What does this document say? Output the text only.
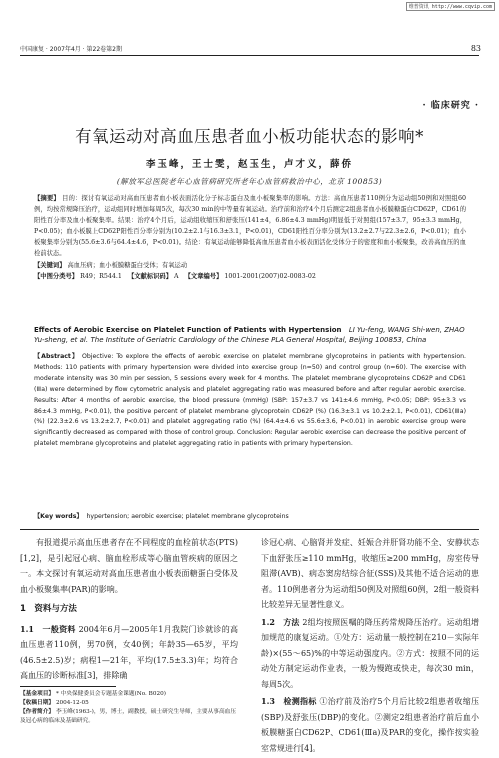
维普资讯 http://www.cqvip.com
中国康复 · 2007年4月 · 第22卷第2期	83
· 临床研究 ·
有氧运动对高血压患者血小板功能状态的影响*
李玉峰，王士雯，赵玉生，卢才义，薛侨
(解放军总医院老年心血管病研究所老年心血管病救治中心，北京 100853)
【摘要】 目的：探讨有氧运动对高血压患者血小板表面活化分子标志蛋白及血小板聚集率的影响。方法：高血压患者110例分为运动组50例和对照组60例，均按常规降压治疗，运动组同时增加每周5次，每次30 min的中等量有氧运动。治疗前和治疗4个月后测定2组患者血小板膜糖蛋白CD62P，CD61的阳性百分率及血小板聚集率。结果：治疗4个月后，运动组收缩压和舒张压(141±4，6.86±4.3 mmHg)明显低于对照组(157±3.7，95±3.3 mmHg，P<0.05)；血小板膜上CD62P阳性百分率分别为(10.2±2.1与16.3±3.1，P<0.01)，CD61阳性百分率分别为(13.2±2.7与22.3±2.6，P<0.01)；血小板聚集率分别为(55.6±3.6与64.4±4.6，P<0.01)。结论：有氧运动能够降低高血压患者血小板表面活化受体分子的密度和血小板聚集，改善高血压的血栓前状态。
【关键词】 高血压病；血小板膜糖蛋白受体；有氧运动
【中图分类号】 R49；R544.1 【文献标识码】 A 【文章编号】 1001-2001(2007)02-0083-02
Effects of Aerobic Exercise on Platelet Function of Patients with Hypertension LI Yu-feng, WANG Shi-wen, ZHAO Yu-sheng, et al. The Institute of Geriatric Cardiology of the Chinese PLA General Hospital, Beijing 100853, China
【Abstract】 Objective: To explore the effects of aerobic exercise on platelet membrane glycoproteins in patients with hypertension. Methods: 110 patients with primary hypertension were divided into exercise group (n=50) and control group (n=60). The exercise with moderate intensity was 30 min per session, 5 sessions every week for 4 months. The platelet membrane glycoproteins CD62P and CD61 (Ⅲa) were determined by flow cytometric analysis and platelet aggregating ratio was measured before and after regular aerobic exercise. Results: After 4 months of aerobic exercise, the blood pressure (mmHg) (SBP: 157±3.7 vs 141±4.6 mmHg, P<0.05; DBP: 95±3.3 vs 86±4.3 mmHg, P<0.01), the positive percent of platelet membrane glycoprotein CD62P (%) (16.3±3.1 vs 10.2±2.1, P<0.01), CD61(Ⅲa) (%) (22.3±2.6 vs 13.2±2.7, P<0.01) and platelet aggregating ratio (%) (64.4±4.6 vs 55.6±3.6, P<0.01) in aerobic exercise group were significantly decreased as compared with those of control group. Conclusion: Regular aerobic exercise can decrease the positive percent of platelet membrane glycoproteins and platelet aggregating ratio in patients with primary hypertension.
【Key words】 hypertension; aerobic exercise; platelet membrane glycoproteins

有报道提示高血压患者存在不同程度的血栓前状态(PTS)[1,2]，是引起冠心病、脑血栓形成等心脑血管疾病的原因之一。本文探讨有氧运动对高血压患者血小板表面糖蛋白受体及血小板聚集率(PAR)的影响。

1　资料与方法

1.1　一般资料 2004年6月—2005年1月我院门诊就诊的高血压患者110例，男70例，女40例；年龄35—65岁，平均(46.5±2.5)岁；病程1—21年，平均(17.5±3.3)年；均符合高血压的诊断标准[3]，排除确

诊冠心病、心脑肾并发症、妊娠合并肝肾功能不全、安静状态下血舒张压≥110 mmHg，收缩压≥200 mmHg，房室传导阻滞(AVB)、病态窦房结综合征(SSS)及其他不适合运动的患者。110例患者分为运动组50例及对照组60例，2组一般资料比较差异无显著性意义。

1.2　方法 2组均按照医嘱的降压药常规降压治疗。运动组增加规范的康复运动。①处方：运动量一般控制在210－实际年龄)×(55～65)%的中等运动强度内。②方式：按照不同的运动处方制定运动作业表，一般为慢跑或快走，每次30 min，每周5次。

1.3　检测指标 ①治疗前及治疗5个月后比较2组患者收缩压(SBP)及舒张压(DBP)的变化。②测定2组患者治疗前后血小板膜糖蛋白CD62P、CD61(Ⅲa)及PAR的变化，操作按实验室常规进行[4]。

【基金项目】 * 中央保健委员会专题基金课题(No. B020)
【收稿日期】 2004-12-05
【作者简介】 李玉峰(1963-)，男，博士，副教授，硕士研究生导师，主要从事高血压及冠心病的临床及基础研究。
